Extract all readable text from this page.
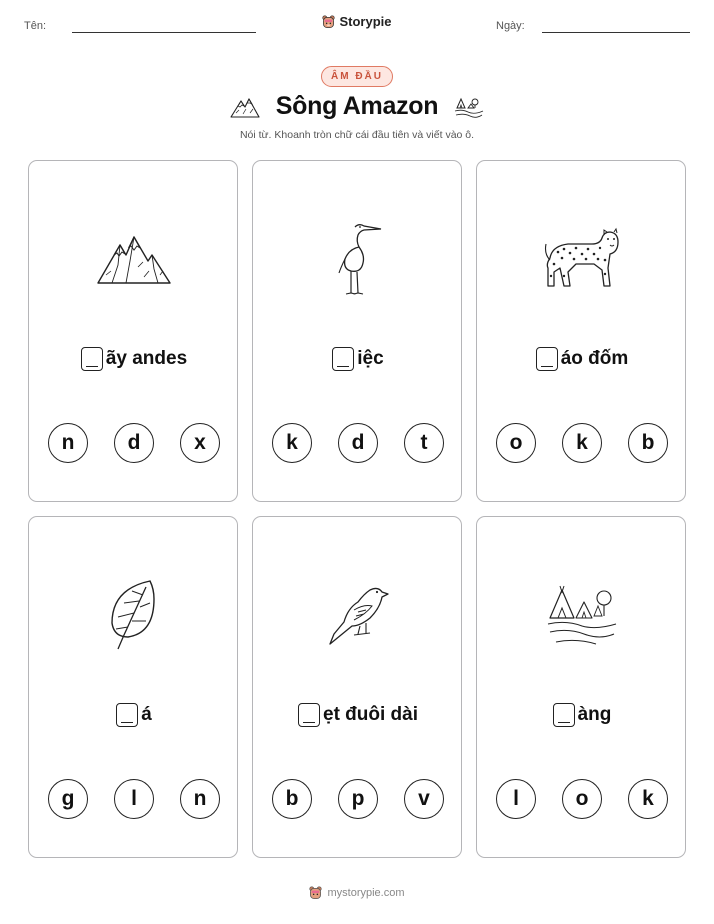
Tên:	Ngày:
Storypie
ÂM ĐẦU
Sông Amazon
Nói từ. Khoanh tròn chữ cái đầu tiên và viết vào ô.
ãy andes
n	d	x
iệc
k	d	t
áo đốm
o	k	b
á
g	l	n
ẹt đuôi dài
b	p	v
àng
l	o	k
mystorypie.com
